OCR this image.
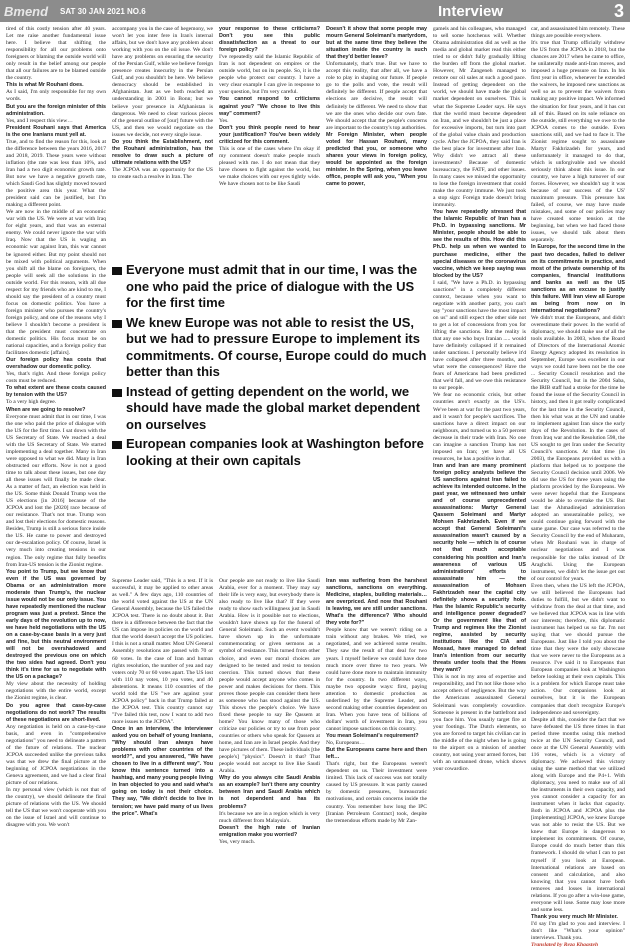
Bmend	SAT 30 JAN 2021 NO.6	Interview	3

tired of this costly tension after 40 years. Let me raise another fundamental issue here. I believe that shifting the responsibility for all our problems onto foreigners or blaming the outside world will only result in the belief among our people that all our failures are to be blamed outside the country.

This is what Mr Rouhani does.

As I said, I'm only responsible for my own words.

But you are the foreign minister of this administration.

Yes, and I respect this view…

President Rouhani says that America is the one Iranians must yell at.

True, and to find the reason for this, look at the difference between the years 2016, 2017 and 2018, 2019. These years were without inflation (the rate was less than 10%, and Iran had a two digit economic growth rate. But now we have a negative growth rate, which Saudi God has slightly moved toward the positive area this year. What the president said can be justified, but I'm making a different point.

We are now in the middle of an economic war with the US. We were at war with Iraq for eight years, and that was an external enemy. We could never ignore the war with Iraq. Now that the US is waging an economic war against Iran, this war cannot be ignored either. But my point should not be mixed with political arguments. When you shift all the blame on foreigners, the people will seek all the solutions in the outside world. For this reason, with all due respect for my friends who are kind to me, I should say the president of a country must focus on domestic politics. You have a foreign minister who pursues the country's foreign policy, and one of the reasons why I believe I shouldn't become a president is that the president must concentrate on domestic politics. His focus must be on national capacities, and a foreign policy that facilitates domestic [affairs].

Our foreign policy has costs that overshadow our domestic policy.

Yes, that's right. And these foreign policy costs must be reduced.

To what extent are these costs caused by tension with the US?

To a very high degree.

When are we going to resolve?

Everyone must admit that in our time, I was the one who paid the price of dialogue with the US for the first time. I sat down with the US Secretary of State. We reached a deal with the US Secretary of State. We started implementing a deal together. Many in Iran were opposed to what we did. Many in Iran obstructed our efforts. Now is not a good time to talk about these issues, but one day all these issues will finally be made clear. As a matter of fact, an election was held in the US. Some think Donald Trump won the US elections [in 2016] because of the JCPOA and lost the [2020] race because of our resistance. That's not true. Trump won and lost their elections for domestic reasons. Besides, Trump is still a serious force inside the US. He came to power and destroyed our de-escalation policy. Of course, Israel is very much into creating tensions in our region. The only regime that fully benefits from Iran-US tension is the Zionist regime.

You point to Trump, but we know that even if the US was governed by Obama or an administration more moderate than Trump's, the nuclear issue would not be our only issue. You have repeatedly mentioned the nuclear program was just a pretext. Since the early days of the revolution up to now, we have held negotiations with the US on a case-by-case basis in a very just and fine, but this neutral environment will not be overshadowed and destroyed the previous one on which the two sides had agreed. Don't you think it's time for us to negotiate with the US on a package?

My view about the necessity of holding negotiations with the entire world, except the Zionist regime, is clear.

Do you agree that case-by-case negotiations do not work? The results of these negotiations are short-lived.

Any negotiation is held on a case-by-case basis, and even in "comprehensive negotiations" you need to delineate a pattern of the future of relations. The nuclear JCPOA succeeded unlike the previous talks was that we drew the final picture at the beginning of JCPOA negotiations in the Geneva agreement, and we had a clear final picture of our relations.

In my personal view (which is not that of the country), we should delineate the final picture of relations with the US. We should tell the US that we won't cooperate with you on the issue of Israel and will continue to disagree with you. We won't

accompany you in the case of hegemony, we won't let you inter fere in Iran's internal affairs, but we don't have any problem about working with you on the oil issue. We don't have any problems on ensuring the security of the Persian Gulf, while we believe foreign presence creates insecurity in the Persian Gulf, and you shouldn't be here. We believe democracy should be established in Afghanistan. Just as we both reached an understanding in 2001 in Bonn; but we believe your presence in Afghanistan is dangerous. We need to clear various pieces of the general outline of [our] future with the US, and then we would negotiate on the issues we decide, not every single issue.

Do you think the Establishment, not the Rouhani administration, has the resolve to draw such a picture of ultimate relations with the US?

The JCPOA was an opportunity for the US to create such a resolve in Iran. The

your response to these criticisms? Don't you see this public dissatisfaction as a threat to our foreign policy?

I've repeatedly said the Islamic Republic of Iran is not dependent on empires or the outside world, but on its people. So, it is the people who protect our country. I have a very clear example I can give in response to your question, but I'm very careful.

You cannot respond to criticisms against you? "We chose to live this way" comment?

Yes.

Don't you think people need to hear your justification? You've been widely criticized for this comment.

This is one of the cases where I'm okay if my comment doesn't make people much pleased with me. I do not mean that they have chosen to fight against the world, but we make choices with our eyes tightly wide. We have chosen not to be like Saudi

Doesn't it show that some people may mourn General Soleimani's martyrdom, but at the same time they believe the situation inside the country is such that they'd better leave?

Unfortunately, that's true. But we have to accept this reality, that after all, we have a role to play in shaping our future. If people go to the polls and vote, the result will definitely be different. If people accept that elections are decisive, the result will definitely be different. We need to show that we are the ones who decide our own fate. We should accept that the people's concerns are important to the country's top authorities.

Mr Foreign Minister, when people voted for Hassan Rouhani, many predicted that you, or someone who shares your views in foreign policy, would be appointed as the foreign minister. In the Spring, when you leave office, people will ask you, "When you came to power,

Everyone must admit that in our time, I was the one who paid the price of dialogue with the US for the first time
We knew Europe was not able to resist the US, but we had to pressure Europe to implement its commitments. Of course, Europe could do much better than this
Instead of getting dependent on the world, we should have made the global market dependent on ourselves
European companies look at Washington before looking at their own capitals

Supreme Leader said, "This is a test. If it is successful, it may be applied to other areas as well." A few days ago, 110 countries of the world voted against the US at the UN General Assembly, because the US failed the JCPOA test. There is no doubt about it. But there is a difference between the fact that the US can impose its policies on the world and that the world doesn't accept the US policies. I this is not a small matter. Most UN General Assembly resolutions are passed with 70 or 60 votes. In the case of Iran and human rights resolution, the number of yea and nay voters only 70 or 60 votes apart. The US lost with 110 nay votes, 10 yea votes, and 40 abstentions. It means 110 countries of the world told the US "we are against your JCPOA policy" back in that Trump failed at the JCPOA test. This country cannot say "I've failed this test, now I want to add two more issues to the JCPOA".

Once in an interview, the interviewer asked you on behalf of young Iranians, "Why should Iran always have problems with other countries of the world?", and you answered, "We have chosen to live in a different way". You know this sentence turned into a hashtag, and many young people living in Iran objected to you and said what's going on today is not their choice. They say, "We didn't decide to live in tension; we have paid many of us lives the price". What's

Our people are not ready to live like Saudi Arabia, ever for a moment. They may say their life is very easy, but everybody there is also ready to live like that? If they were ready to show such willingness just in Saudi Arabia. How is it possible not to elections, wouldn't have shown up for the funeral of General Soleimani. Such an event wouldn't have shown up in the unfortunate commemorating or given sermons as a symbol of resistance. This turned from other choice, and even our moral choices are designed to be tested and resist to tension coercion. This turned shows that these people would accept anyone who comes in power and makes decisions for them. This proves those people can consider them here as someone who has stood against the US. This shows the people's choice. We have fixed these people to say Be Qassem at home? You know many of those who criticize our policies or try to use from poor countries or others who speak for Qassem at home, and Iran are in Israel people. And they have pictures of them. These individuals [the people's] "physics". Doesn't it that? That people would not accept to live like Saudi Arabia.

Why do you always cite Saudi Arabia as an example? Isn't there any country between Iran and Saudi Arabia which is not dependent and has its problems?

It's because we are in a region which is very much different from Malaysia's.

Doesn't the high rate of Iranian emigration make you worried?

Yes, very much.

Iran was suffering from the harshest sanctions, sanctions on everything. Medicine, staples, building materials… are overpriced. And now that Rouhani is leaving, we are still under sanctions. What's the difference? Who should they vote for?"

People know that we weren't riding on a train without any brakes. We tried, we negotiated, and we achieved some results. They saw the result of that deal for two years. I myself believe we could have done much more over three to two years. We could have done more to maintain immunity for the country. In two different ways, maybe two opposite ways: first, paying attention to domestic production as underlined by the Supreme Leader, and second making other countries dependent on Iran. When you have tens of billions of dollars' worth of investment in Iran, you cannot impose sanctions on this country.

You mean Soleimani's requirement?

No, Europeans…

But the Europeans came here and then left…

That's right, but the Europeans weren't dependent on us. Their investment were limited. This lack of success was not totally caused by US pressure. It was partly caused by domestic pressures, bureaucratic motivations, and certain concerns inside the country. You remember how long the IPC [Iranian Petroleum Contract] took, despite the tremendous efforts made by Mr Zan-

gamels and his colleagues, who managed to sell some hotchenus will. Whether Obama administration did as well as the media and global market read this either tried to or didn't fully gradually lifting the burden off from the global market. However, Mr Zangeneh managed to restore our oil sales at such a good pace. Instead of getting dependent on the world, we should have made the global market dependent on ourselves. This is what the Supreme Leader says. He says that the world must become dependent on Iran, and we shouldn't be just a place for excessive imports, but turn into part of the global value chain and production cycle. After the JCPOA, they said Iran is the best place for investment after Iran. Why didn't we attract all these investments? Because of domestic bureaucracy, the FATF, and other issues. In many cases we missed the opportunity to lose the foreign investment that could make the country immune. We just took a stop sign: Foreign trade doesn't bring immunity.

You have repeatedly stressed that the Islamic Republic of Iran has a Ph.D. in bypassing sanctions. Mr Minister, people should be able to see the results of this. How did this Ph.D. help us when we wanted to purchase medicine, either the special diseases or the coronavirus vaccine, which we keep saying was blocked by the US?

I said, "We have a Ph.D. in bypassing sanctions" in a completely different context, because when you want to negotiate with another party, you can't say "your sanctions have the most impact on us" and still expect the other side not to get a lot of concessions from you for lifting the sanctions. But the reality is that any one who buys Iranian ..... would have definitely collapsed if it remained under sanctions. I personally believe it'd have collapsed after three months, and what were the consequences? Have the fears of Americans had been predicted that we'd fall, and we owe this resistance to our people.

We fear no economic crisis, but other countries aren't exactly as the US's. We've been at war for the past two years, and it wasn't for people's sacrifices. The sanctions have a direct impact on our neighbours, and turned us to a 50 percent decrease in their trade with Iran. No one can imagine a sanction Trump has not imposed on Iran; yet have all US resources, he has a positive in that.

Iran and Iran are many prominent foreign policy analysts believe the US sanctions against Iran failed to achieve its intended outcome. In the past year, we witnessed two unfair and of course unprecedented assassinations: Martyr General Qassem Soleimani and Martyr Mohsen Fakhrizadeh. Even if we accept that General Soleimani's assassination wasn't caused by a security hole — which is of course not that much acceptable considering his position and Iran's awareness of various US administrations' efforts to assassinate him — the assassination of Mohsen Fakhrizadeh near the capital city definitely shows a security hole. Has the Islamic Republic's security and intelligence power degraded? Or the government like that of Trump and regimes like the Zionist regime, assisted by security institutions like the CIA and Mossad, have managed to defeat Iran's intention from our security threats under tools that the Hows they want?

This is not in my area of expertise and responsibility, and I'm not like those who accept others of negligence. But the way the Americans assassinated General Soleimani was completely cowardice. Someone is present in the battlefront and you face him. You usually target fire at your footings. The Dutch elements, so you are forced to target his civilian car in the middle of the night when he is going to the airport on a mission of another country, not using your armed forces, but with an unmanned drone, which shows your cowardice.

car, and assassinated him remotely. These things are possible everywhere.

It's true that Trump officially withdrew the US from the JCPOA in 2018, but the chances are 2017 when he came to office, he unilaterally made anti-Iran moves, and imposed a huge pressure on Iran. In his first year in office, whenever he extended the waivers, he imposed new sanctions as well so as to prevent the waivers from making any positive impact. We informed the situation for four years, and it has cut all of this. Based on its sole reliance on the outside, still everything we owe to the JCPOA comes to the outside. Even sanctions still, and we had to face it. The Zionist regime sought to assassinate Martyr Fakhrizadeh for years, and unfortunately it managed to do that, which is unforgivable and we should seriously think about this issue. In our country, we have a high turnover of our forces. However, we shouldn't say it was because of our success of the US' maximum pressure. This pressure has failed, of course, we may have made mistakes, and some of our policies may have created some tension at the beginning, but when we had faced those issues, we should talk about them separately.

In Europe, for the second time in the past two decades, failed to deliver on its commitments in practice, and most of the private ownership of its companies, financial institutions and banks as well as the US sanctions as an excuse to justify this failure. Will Iran view all Europe as being from now on in international negotiations?

We didn't trust the Europeans, and didn't overestimate their power. In the world of diplomacy, we should make use of all the tools available. In 2003, when the Board of Directors of the International Atomic Energy Agency adopted its resolution in September, Europe was excellent in our ways we could have been not be the one ... Security Council resolution and the Security Council, but in the 2004 Saba, the IRIB staff had a stroke for the time he found the issue of the Security Council in history, and then it got really complicated for the last time in the Security Council, then his what was at the UN and unable to implement against Iran since the early days of the Revolution. In the cases of from Iraq war and the Resolution 598, the US sought to get Iran under the Security Council's sanctions. At that time (in 2003), the Europeans provided us with a platform that helped us to postpone the Security Council decision until 2006. We did use the US for three years using the platform provided by the Europeans. We were never hopeful that the Europeans would be able to overtake the US. But last the Ahmadinejad administration adopted an unsustainable policy, we could continue going forward with the same game. Our case was referred to the Security Council by the end of Muharam, when Mr Rouhani was in charge of nuclear negotiations and I was responsible for the talks instead of Dr Araghchi. Using the European instrument, we didn't let the issue get out of our control for years.

Even then, when the US left the JCPOA, we still believed the Europeans had duties to fulfill, but we didn't want to withdraw from the deal at that time, and we believed that JCPOA was in line with our interests; therefore, this diplomatic instrument has helped us so far. I'm not saying that we should pursue the Europeans. Just like I told you about the time that they were the only showcase that we were never to the Europeans as a resource. I've said it to Europeans that European companies look at Washington before looking at their own capitals. This is a problem for which Europe must take action. Our companions look at ourselves, but it is the European companies that don't recognize Europe's independence and sovereignty.

Despite all this, consider the fact that we have defeated the US three times in that period three months using this method twice at the UN Security Council, and once at the UN General Assembly with 116 votes, which is a victory of diplomacy. We achieved this victory using the same method that we utilized along with Europe and the P4+1. With diplomacy, you need to make use of all the instruments in their own capacity, and you cannot consider a capacity for an instrument when it lacks that capacity. Both in JCPOA and JCPOA plus the [implementing] JCPOA, we knew Europe was not able to resist the US. But we knew that Europe is dangerous to implement its commitments. Of course, Europe could do much better than this framework. I should do what I can to put myself if you look at European. International relations are based on consent and calculation, and also knowing that you cannot have both removes and losses in international relations. If you go after a win-lose game, everyone will lose. Some may lose more and some less.

Thank you very much Mr Minister.

I'd say I'm glad to you and interview. I don't like "What's your opinion" interviews. Thank you.

Translated by Reza Khaasteh
